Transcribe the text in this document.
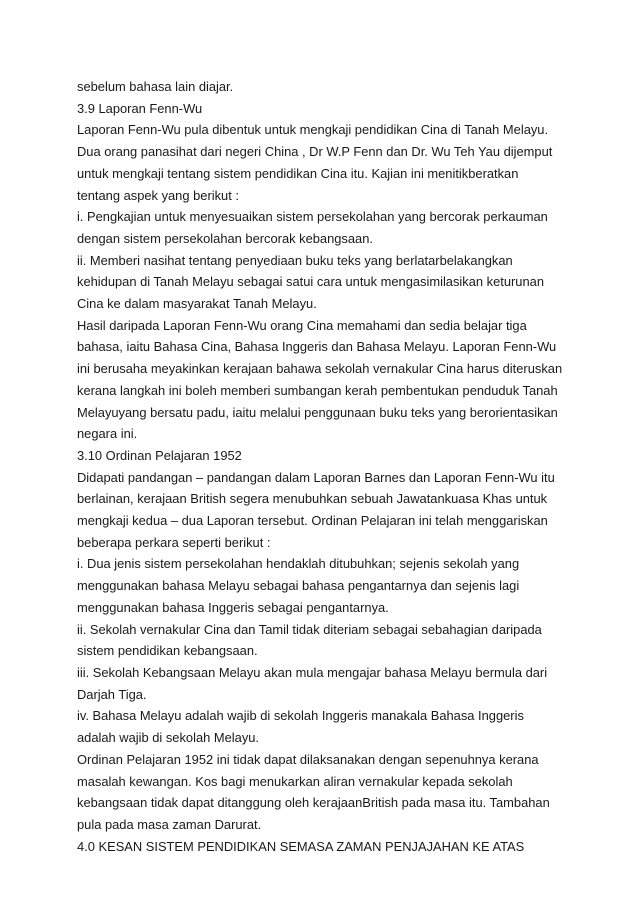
sebelum bahasa lain diajar.
3.9 Laporan Fenn-Wu
Laporan Fenn-Wu pula dibentuk untuk mengkaji pendidikan Cina di Tanah Melayu.
Dua orang panasihat dari negeri China , Dr W.P Fenn dan Dr. Wu Teh Yau dijemput
untuk mengkaji tentang sistem pendidikan Cina itu. Kajian ini menitikberatkan
tentang aspek yang berikut :
i. Pengkajian untuk menyesuaikan sistem persekolahan yang bercorak perkauman
dengan sistem persekolahan bercorak kebangsaan.
ii. Memberi nasihat tentang penyediaan buku teks yang berlatarbelakangkan
kehidupan di Tanah Melayu sebagai satui cara untuk mengasimilasikan keturunan
Cina ke dalam masyarakat Tanah Melayu.
Hasil daripada Laporan Fenn-Wu orang Cina memahami dan sedia belajar tiga
bahasa, iaitu Bahasa Cina, Bahasa Inggeris dan Bahasa Melayu. Laporan Fenn-Wu
ini berusaha meyakinkan kerajaan bahawa sekolah vernakular Cina harus diteruskan
kerana langkah ini boleh memberi sumbangan kerah pembentukan penduduk Tanah
Melayuyang bersatu padu, iaitu melalui penggunaan buku teks yang berorientasikan
negara ini.
3.10 Ordinan Pelajaran 1952
Didapati pandangan – pandangan dalam Laporan Barnes dan Laporan Fenn-Wu itu
berlainan, kerajaan British segera menubuhkan sebuah Jawatankuasa Khas untuk
mengkaji kedua – dua Laporan tersebut. Ordinan Pelajaran ini telah menggariskan
beberapa perkara seperti berikut :
i. Dua jenis sistem persekolahan hendaklah ditubuhkan; sejenis sekolah yang
menggunakan bahasa Melayu sebagai bahasa pengantarnya dan sejenis lagi
menggunakan bahasa Inggeris sebagai pengantarnya.
ii. Sekolah vernakular Cina dan Tamil tidak diteriam sebagai sebahagian daripada
sistem pendidikan kebangsaan.
iii. Sekolah Kebangsaan Melayu akan mula mengajar bahasa Melayu bermula dari
Darjah Tiga.
iv. Bahasa Melayu adalah wajib di sekolah Inggeris manakala Bahasa Inggeris
adalah wajib di sekolah Melayu.
Ordinan Pelajaran 1952 ini tidak dapat dilaksanakan dengan sepenuhnya kerana
masalah kewangan. Kos bagi menukarkan aliran vernakular kepada sekolah
kebangsaan tidak dapat ditanggung oleh kerajaanBritish pada masa itu. Tambahan
pula pada masa zaman Darurat.
4.0 KESAN SISTEM PENDIDIKAN SEMASA ZAMAN PENJAJAHAN KE ATAS
